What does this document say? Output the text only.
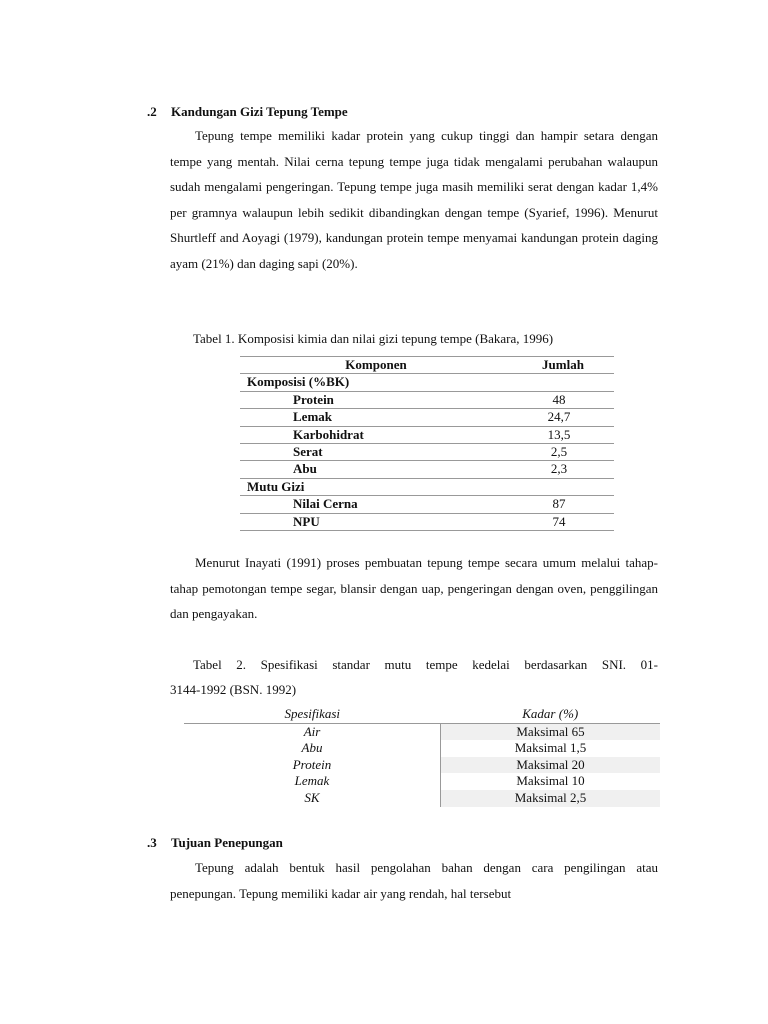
.2 Kandungan Gizi Tepung Tempe
Tepung tempe memiliki kadar protein yang cukup tinggi dan hampir setara dengan tempe yang mentah. Nilai cerna tepung tempe juga tidak mengalami perubahan walaupun sudah mengalami pengeringan. Tepung tempe juga masih memiliki serat dengan kadar 1,4% per gramnya walaupun lebih sedikit dibandingkan dengan tempe (Syarief, 1996). Menurut Shurtleff and Aoyagi (1979), kandungan protein tempe menyamai kandungan protein daging ayam (21%) dan daging sapi (20%).
Tabel 1. Komposisi kimia dan nilai gizi tepung tempe (Bakara, 1996)
Komponen	Jumlah
Komposisi (%BK)	
Protein	48
Lemak	24,7
Karbohidrat	13,5
Serat	2,5
Abu	2,3
Mutu Gizi	
Nilai Cerna	87
NPU	74
Menurut Inayati (1991) proses pembuatan tepung tempe secara umum melalui tahap-tahap pemotongan tempe segar, blansir dengan uap, pengeringan dengan oven, penggilingan dan pengayakan.
Tabel 2. Spesifikasi standar mutu tempe kedelai berdasarkan SNI. 01-
3144-1992 (BSN. 1992)
Spesifikasi	Kadar (%)
Air	Maksimal 65
Abu	Maksimal 1,5
Protein	Maksimal 20
Lemak	Maksimal 10
SK	Maksimal 2,5
.3 Tujuan Penepungan
Tepung adalah bentuk hasil pengolahan bahan dengan cara pengilingan atau penepungan. Tepung memiliki kadar air yang rendah, hal tersebut
